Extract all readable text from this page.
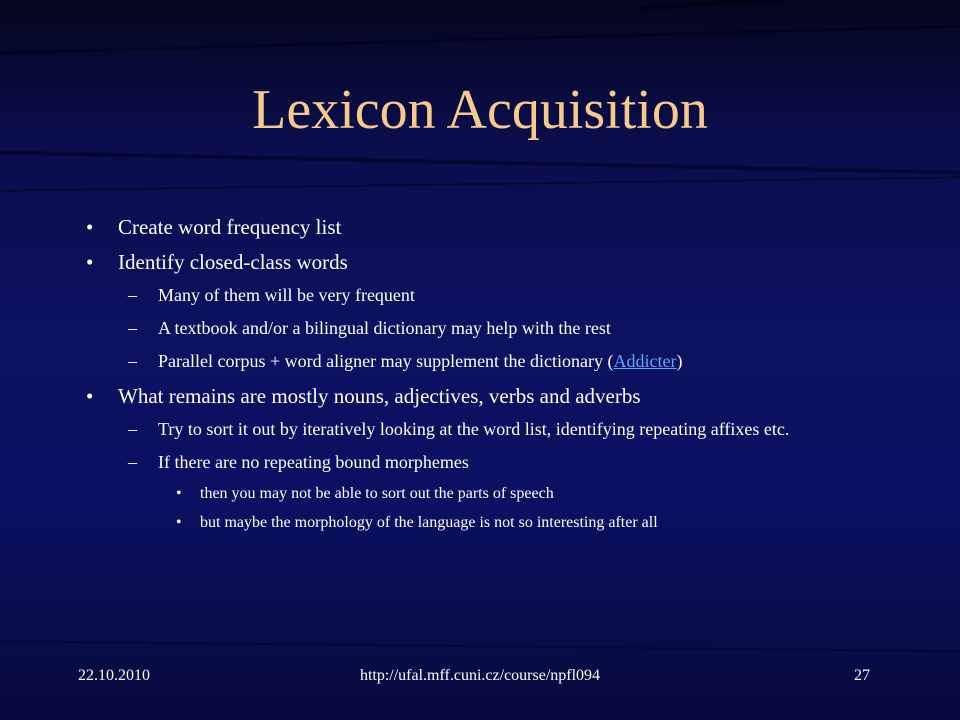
Lexicon Acquisition
• Create word frequency list
• Identify closed-class words
– Many of them will be very frequent
– A textbook and/or a bilingual dictionary may help with the rest
– Parallel corpus + word aligner may supplement the dictionary (Addicter)
• What remains are mostly nouns, adjectives, verbs and adverbs
– Try to sort it out by iteratively looking at the word list, identifying repeating affixes etc.
– If there are no repeating bound morphemes
• then you may not be able to sort out the parts of speech
• but maybe the morphology of the language is not so interesting after all

22.10.2010	http://ufal.mff.cuni.cz/course/npfl094	27
